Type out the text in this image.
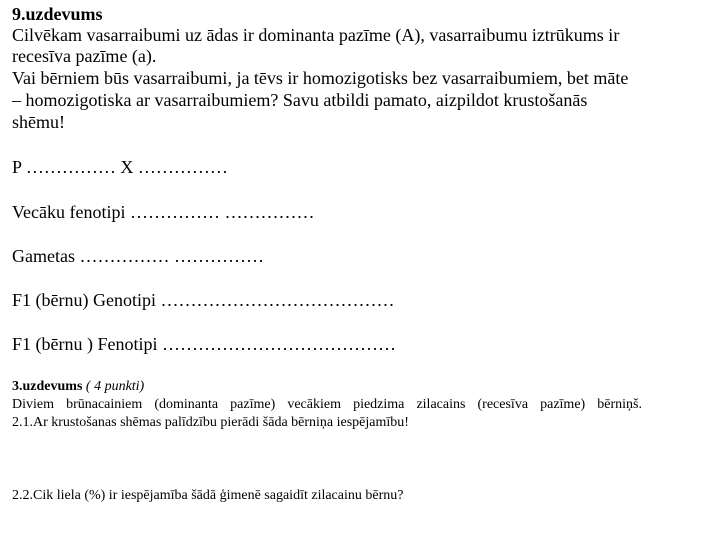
9.uzdevums
Cilvēkam vasarraibumi uz ādas ir dominanta pazīme (A), vasarraibumu iztrūkums ir
recesīva pazīme (a).
Vai bērniem būs vasarraibumi, ja tēvs ir homozigotisks bez vasarraibumiem, bet māte
– homozigotiska ar vasarraibumiem? Savu atbildi pamato, aizpildot krustošanās
shēmu!
P …………… X ……………
Vecāku fenotipi …………… ……………
Gametas …………… ……………
F1 (bērnu) Genotipi …………………………………
F1 (bērnu ) Fenotipi …………………………………
3.uzdevums ( 4 punkti)
Diviem brūnacainiem (dominanta pazīme) vecākiem piedzima zilacains (recesīva pazīme) bērniņš.
2.1.Ar krustošanas shēmas palīdzību pierādi šāda bērniņa iespējamību!
2.2.Cik liela (%) ir iespējamība šādā ģimenē sagaidīt zilacainu bērnu?
